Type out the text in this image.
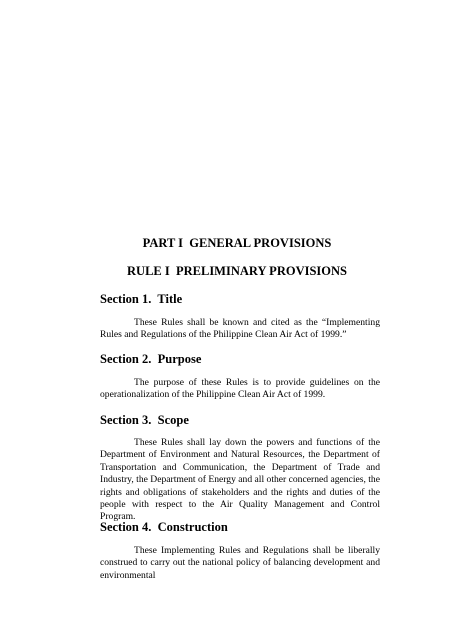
PART I  GENERAL PROVISIONS
RULE I  PRELIMINARY PROVISIONS
Section 1.  Title
These Rules shall be known and cited as the “Implementing Rules and Regulations of the Philippine Clean Air Act of 1999.”
Section 2.  Purpose
The purpose of these Rules is to provide guidelines on the operationalization of the Philippine Clean Air Act of 1999.
Section 3.  Scope
These Rules shall lay down the powers and functions of the Department of Environment and Natural Resources, the Department of Transportation and Communication, the Department of Trade and Industry, the Department of Energy and all other concerned agencies, the rights and obligations of stakeholders and the rights and duties of the people with respect to the Air Quality Management and Control Program.
Section 4.  Construction
These Implementing Rules and Regulations shall be liberally construed to carry out the national policy of balancing development and environmental
